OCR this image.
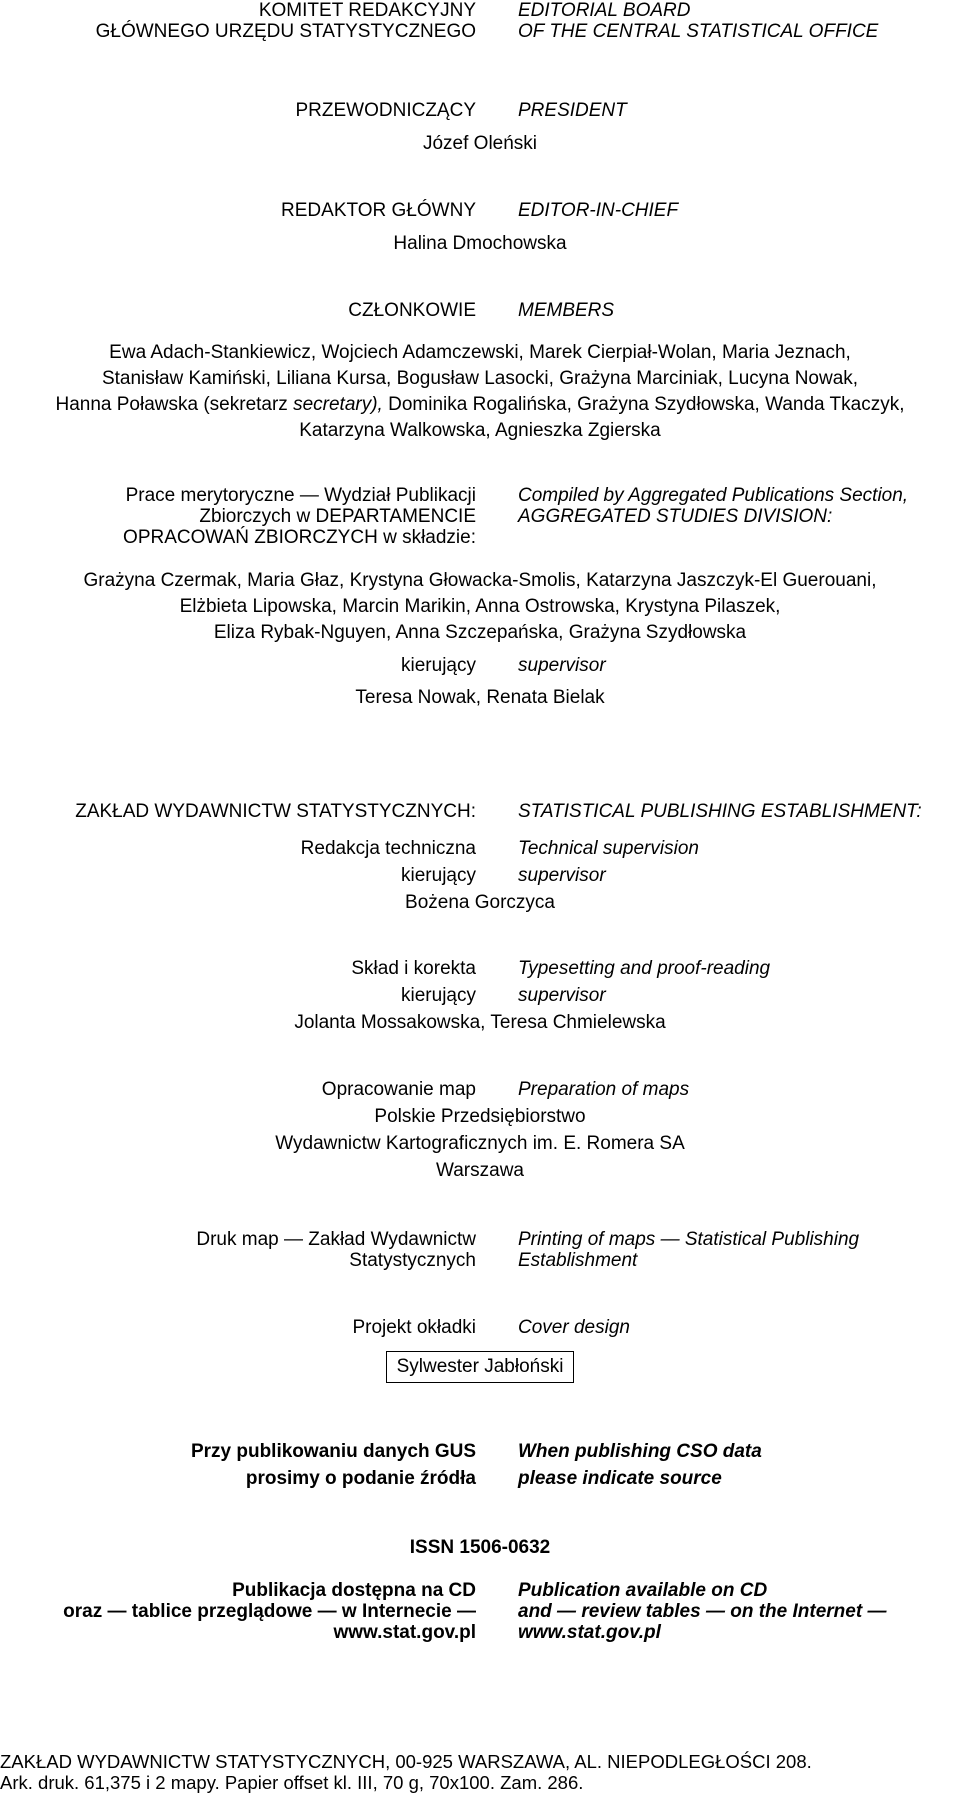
KOMITET REDAKCYJNY
GŁÓWNEGO URZĘDU STATYSTYCZNEGO
EDITORIAL BOARD
OF THE CENTRAL STATISTICAL OFFICE
PRZEWODNICZĄCY PRESIDENT
Józef Oleński
REDAKTOR GŁÓWNY EDITOR-IN-CHIEF
Halina Dmochowska
CZŁONKOWIE MEMBERS
Ewa Adach-Stankiewicz, Wojciech Adamczewski, Marek Cierpiał-Wolan, Maria Jeznach,
Stanisław Kamiński, Liliana Kursa, Bogusław Lasocki, Grażyna Marciniak, Lucyna Nowak,
Hanna Poławska (sekretarz secretary), Dominika Rogalińska, Grażyna Szydłowska, Wanda Tkaczyk,
Katarzyna Walkowska, Agnieszka Zgierska
Prace merytoryczne — Wydział Publikacji
Zbiorczych w DEPARTAMENCIE
OPRACOWAŃ ZBIORCZYCH w składzie:
Compiled by Aggregated Publications Section,
AGGREGATED STUDIES DIVISION:
Grażyna Czermak, Maria Głaz, Krystyna Głowacka-Smolis, Katarzyna Jaszczyk-El Guerouani,
Elżbieta Lipowska, Marcin Marikin, Anna Ostrowska, Krystyna Pilaszek,
Eliza Rybak-Nguyen, Anna Szczepańska, Grażyna Szydłowska
kierujący supervisor
Teresa Nowak, Renata Bielak
ZAKŁAD WYDAWNICTW STATYSTYCZNYCH: STATISTICAL PUBLISHING ESTABLISHMENT:
Redakcja techniczna Technical supervision
kierujący supervisor
Bożena Gorczyca
Skład i korekta Typesetting and proof-reading
kierujący supervisor
Jolanta Mossakowska, Teresa Chmielewska
Opracowanie map Preparation of maps
Polskie Przedsiębiorstwo
Wydawnictw Kartograficznych im. E. Romera SA
Warszawa
Druk map — Zakład Wydawnictw
Statystycznych
Printing of maps — Statistical Publishing
Establishment
Projekt okładki Cover design
Sylwester Jabłoński
Przy publikowaniu danych GUS
prosimy o podanie źródła
When publishing CSO data
please indicate source
ISSN 1506-0632
Publikacja dostępna na CD
oraz — tablice przeglądowe — w Internecie —
www.stat.gov.pl
Publication available on CD
and — review tables — on the Internet —
www.stat.gov.pl
ZAKŁAD WYDAWNICTW STATYSTYCZNYCH, 00-925 WARSZAWA, AL. NIEPODLEGŁOŚCI 208.
Ark. druk. 61,375 i 2 mapy. Papier offset kl. III, 70 g, 70x100. Zam. 286.
